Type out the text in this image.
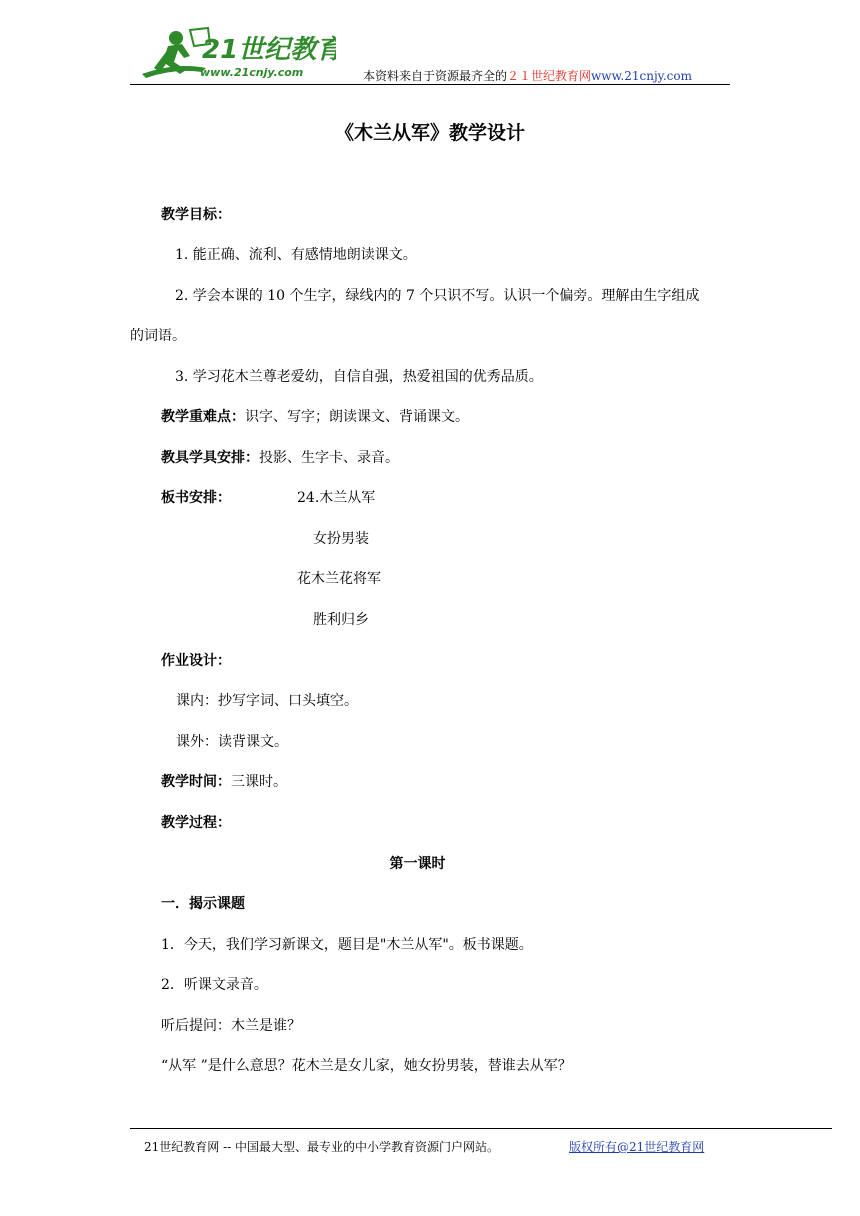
21世纪教育
www.21cnjy.com	本资料来自于资源最齐全的２１世纪教育网www.21cnjy.com
《木兰从军》教学设计
教学目标：
1. 能正确、流利、有感情地朗读课文。
2. 学会本课的 10 个生字，绿线内的 7 个只识不写。认识一个偏旁。理解由生字组成
的词语。
3. 学习花木兰尊老爱幼，自信自强，热爱祖国的优秀品质。
教学重难点：识字、写字；朗读课文、背诵课文。
教具学具安排：投影、生字卡、录音。
板书安排：	24.木兰从军
女扮男装
花木兰花将军
胜利归乡
作业设计：
课内：抄写字词、口头填空。
课外：读背课文。
教学时间：三课时。
教学过程：
第一课时
一．揭示课题
1．今天，我们学习新课文，题目是"木兰从军"。板书课题。
2．听课文录音。
听后提问：木兰是谁？
“从军 ”是什么意思？花木兰是女儿家，她女扮男装，替谁去从军？
21世纪教育网 -- 中国最大型、最专业的中小学教育资源门户网站。	版权所有@21世纪教育网
